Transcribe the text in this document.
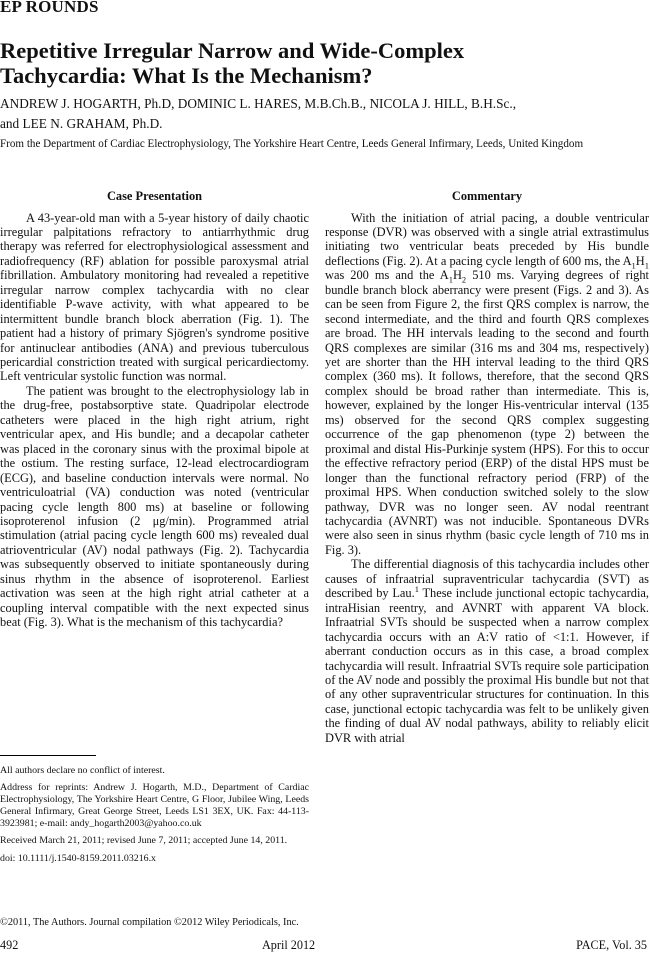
EP ROUNDS
Repetitive Irregular Narrow and Wide-Complex
Tachycardia: What Is the Mechanism?
ANDREW J. HOGARTH, Ph.D, DOMINIC L. HARES, M.B.Ch.B., NICOLA J. HILL, B.H.Sc.,
and LEE N. GRAHAM, Ph.D.
From the Department of Cardiac Electrophysiology, The Yorkshire Heart Centre, Leeds General Infirmary, Leeds, United Kingdom
Case Presentation

A 43-year-old man with a 5-year history of daily chaotic irregular palpitations refractory to antiarrhythmic drug therapy was referred for electrophysiological assessment and radiofrequency (RF) ablation for possible paroxysmal atrial fibrillation. Ambulatory monitoring had revealed a repetitive irregular narrow complex tachycardia with no clear identifiable P-wave activity, with what appeared to be intermittent bundle branch block aberration (Fig. 1). The patient had a history of primary Sjögren's syndrome positive for antinuclear antibodies (ANA) and previous tuberculous pericardial constriction treated with surgical pericardiectomy. Left ventricular systolic function was normal.

The patient was brought to the electrophysiology lab in the drug-free, postabsorptive state. Quadripolar electrode catheters were placed in the high right atrium, right ventricular apex, and His bundle; and a decapolar catheter was placed in the coronary sinus with the proximal bipole at the ostium. The resting surface, 12-lead electrocardiogram (ECG), and baseline conduction intervals were normal. No ventriculoatrial (VA) conduction was noted (ventricular pacing cycle length 800 ms) at baseline or following isoproterenol infusion (2 μg/min). Programmed atrial stimulation (atrial pacing cycle length 600 ms) revealed dual atrioventricular (AV) nodal pathways (Fig. 2). Tachycardia was subsequently observed to initiate spontaneously during sinus rhythm in the absence of isoproterenol. Earliest activation was seen at the high right atrial catheter at a coupling interval compatible with the next expected sinus beat (Fig. 3). What is the mechanism of this tachycardia?

Commentary

With the initiation of atrial pacing, a double ventricular response (DVR) was observed with a single atrial extrastimulus initiating two ventricular beats preceded by His bundle deflections (Fig. 2). At a pacing cycle length of 600 ms, the $A_1H_1$ was 200 ms and the $A_1H_2$ 510 ms. Varying degrees of right bundle branch block aberrancy were present (Figs. 2 and 3). As can be seen from Figure 2, the first QRS complex is narrow, the second intermediate, and the third and fourth QRS complexes are broad. The HH intervals leading to the second and fourth QRS complexes are similar (316 ms and 304 ms, respectively) yet are shorter than the HH interval leading to the third QRS complex (360 ms). It follows, therefore, that the second QRS complex should be broad rather than intermediate. This is, however, explained by the longer His-ventricular interval (135 ms) observed for the second QRS complex suggesting occurrence of the gap phenomenon (type 2) between the proximal and distal His-Purkinje system (HPS). For this to occur the effective refractory period (ERP) of the distal HPS must be longer than the functional refractory period (FRP) of the proximal HPS. When conduction switched solely to the slow pathway, DVR was no longer seen. AV nodal reentrant tachycardia (AVNRT) was not inducible. Spontaneous DVRs were also seen in sinus rhythm (basic cycle length of 710 ms in Fig. 3).

The differential diagnosis of this tachycardia includes other causes of infraatrial supraventricular tachycardia (SVT) as described by Lau.$^1$ These include junctional ectopic tachycardia, intraHisian reentry, and AVNRT with apparent VA block. Infraatrial SVTs should be suspected when a narrow complex tachycardia occurs with an A:V ratio of <1:1. However, if aberrant conduction occurs as in this case, a broad complex tachycardia will result. Infraatrial SVTs require sole participation of the AV node and possibly the proximal His bundle but not that of any other supraventricular structures for continuation. In this case, junctional ectopic tachycardia was felt to be unlikely given the finding of dual AV nodal pathways, ability to reliably elicit DVR with atrial

All authors declare no conflict of interest.

Address for reprints: Andrew J. Hogarth, M.D., Department of Cardiac Electrophysiology, The Yorkshire Heart Centre, G Floor, Jubilee Wing, Leeds General Infirmary, Great George Street, Leeds LS1 3EX, UK. Fax: 44-113-3923981; e-mail: andy_hogarth2003@yahoo.co.uk

Received March 21, 2011; revised June 7, 2011; accepted June 14, 2011.

doi: 10.1111/j.1540-8159.2011.03216.x

©2011, The Authors. Journal compilation ©2012 Wiley Periodicals, Inc.
492	April 2012	PACE, Vol. 35
